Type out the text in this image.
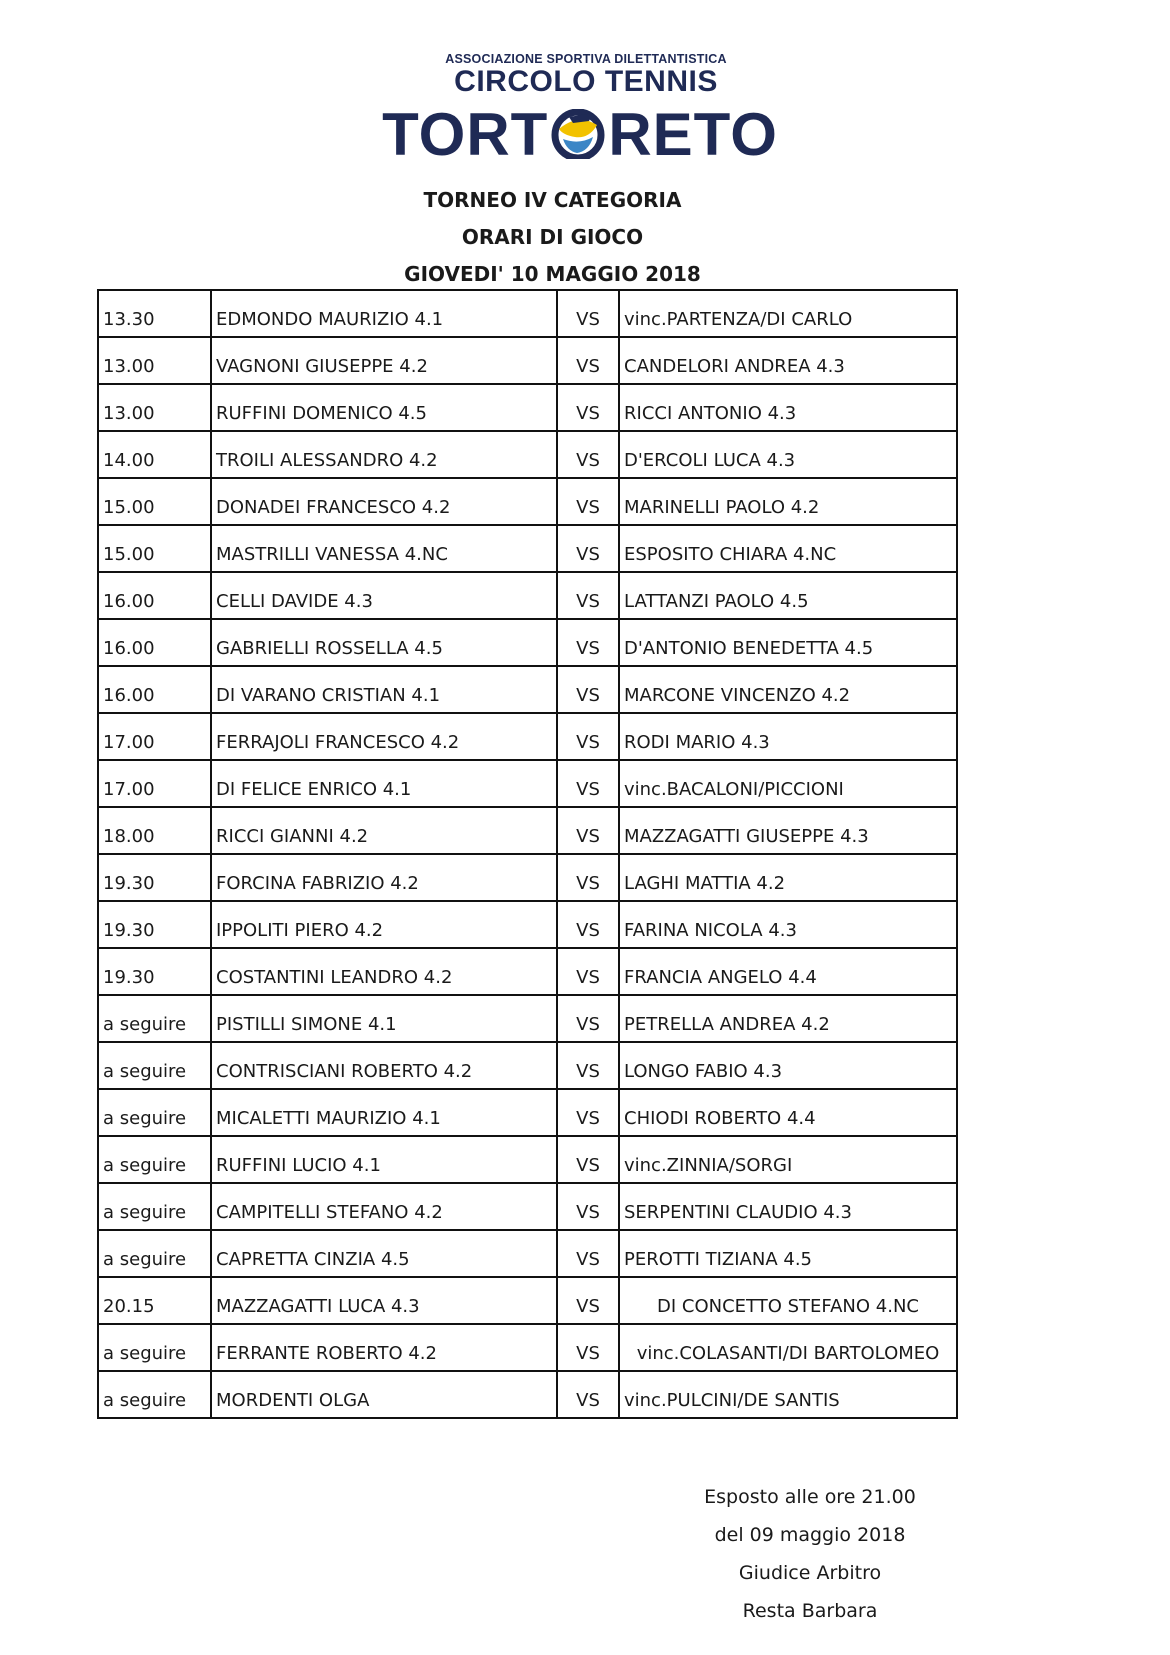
ASSOCIAZIONE SPORTIVA DILETTANTISTICA
CIRCOLO TENNIS
TORT RETO
TORNEO IV CATEGORIA
ORARI DI GIOCO
GIOVEDI' 10 MAGGIO 2018
13.30	EDMONDO MAURIZIO 4.1	VS	vinc.PARTENZA/DI CARLO
13.00	VAGNONI GIUSEPPE 4.2	VS	CANDELORI ANDREA 4.3
13.00	RUFFINI DOMENICO 4.5	VS	RICCI ANTONIO 4.3
14.00	TROILI ALESSANDRO 4.2	VS	D'ERCOLI LUCA 4.3
15.00	DONADEI FRANCESCO 4.2	VS	MARINELLI PAOLO 4.2
15.00	MASTRILLI VANESSA 4.NC	VS	ESPOSITO CHIARA 4.NC
16.00	CELLI DAVIDE 4.3	VS	LATTANZI PAOLO 4.5
16.00	GABRIELLI ROSSELLA 4.5	VS	D'ANTONIO BENEDETTA 4.5
16.00	DI VARANO CRISTIAN 4.1	VS	MARCONE VINCENZO 4.2
17.00	FERRAJOLI FRANCESCO 4.2	VS	RODI MARIO 4.3
17.00	DI FELICE ENRICO 4.1	VS	vinc.BACALONI/PICCIONI
18.00	RICCI GIANNI 4.2	VS	MAZZAGATTI GIUSEPPE 4.3
19.30	FORCINA FABRIZIO 4.2	VS	LAGHI MATTIA 4.2
19.30	IPPOLITI PIERO 4.2	VS	FARINA NICOLA 4.3
19.30	COSTANTINI LEANDRO 4.2	VS	FRANCIA ANGELO 4.4
a seguire	PISTILLI SIMONE 4.1	VS	PETRELLA ANDREA 4.2
a seguire	CONTRISCIANI ROBERTO 4.2	VS	LONGO FABIO 4.3
a seguire	MICALETTI MAURIZIO 4.1	VS	CHIODI ROBERTO 4.4
a seguire	RUFFINI LUCIO 4.1	VS	vinc.ZINNIA/SORGI
a seguire	CAMPITELLI STEFANO 4.2	VS	SERPENTINI CLAUDIO 4.3
a seguire	CAPRETTA CINZIA 4.5	VS	PEROTTI TIZIANA 4.5
20.15	MAZZAGATTI LUCA 4.3	VS	DI CONCETTO STEFANO 4.NC
a seguire	FERRANTE ROBERTO 4.2	VS	vinc.COLASANTI/DI BARTOLOMEO
a seguire	MORDENTI OLGA	VS	vinc.PULCINI/DE SANTIS
Esposto alle ore 21.00
del 09 maggio 2018
Giudice Arbitro
Resta Barbara
